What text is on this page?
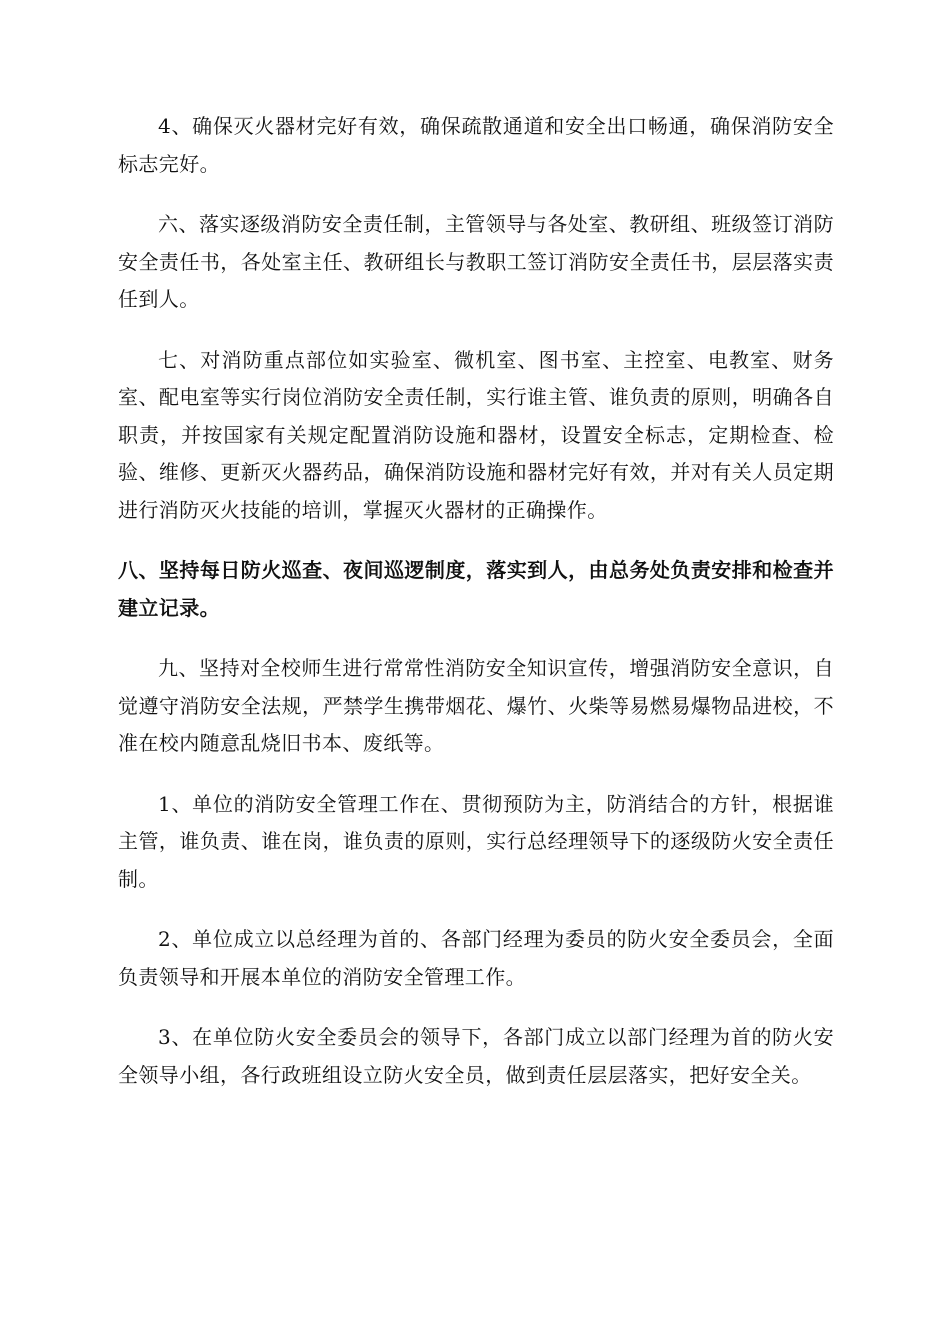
4、确保灭火器材完好有效，确保疏散通道和安全出口畅通，确保消防安全标志完好。

六、落实逐级消防安全责任制，主管领导与各处室、教研组、班级签订消防安全责任书，各处室主任、教研组长与教职工签订消防安全责任书，层层落实责任到人。

七、对消防重点部位如实验室、微机室、图书室、主控室、电教室、财务室、配电室等实行岗位消防安全责任制，实行谁主管、谁负责的原则，明确各自职责，并按国家有关规定配置消防设施和器材，设置安全标志，定期检查、检验、维修、更新灭火器药品，确保消防设施和器材完好有效，并对有关人员定期进行消防灭火技能的培训，掌握灭火器材的正确操作。

八、坚持每日防火巡查、夜间巡逻制度，落实到人，由总务处负责安排和检查并建立记录。

九、坚持对全校师生进行常常性消防安全知识宣传，增强消防安全意识，自觉遵守消防安全法规，严禁学生携带烟花、爆竹、火柴等易燃易爆物品进校，不准在校内随意乱烧旧书本、废纸等。

1、单位的消防安全管理工作在、贯彻预防为主，防消结合的方针，根据谁主管，谁负责、谁在岗，谁负责的原则，实行总经理领导下的逐级防火安全责任制。

2、单位成立以总经理为首的、各部门经理为委员的防火安全委员会，全面负责领导和开展本单位的消防安全管理工作。

3、在单位防火安全委员会的领导下，各部门成立以部门经理为首的防火安全领导小组，各行政班组设立防火安全员，做到责任层层落实，把好安全关。
